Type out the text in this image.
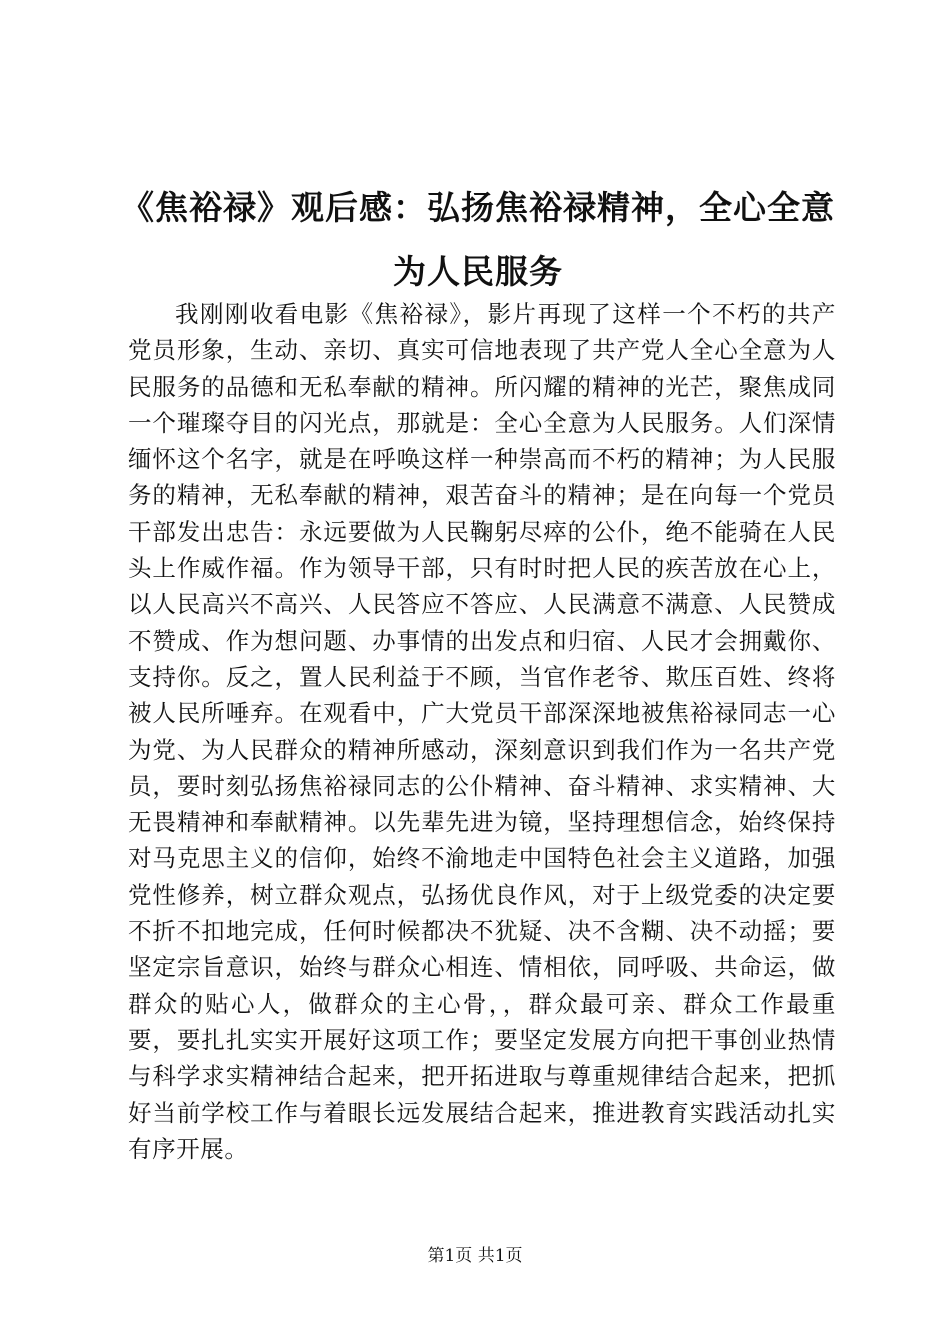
《焦裕禄》观后感：弘扬焦裕禄精神，全心全意为人民服务

我刚刚收看电影《焦裕禄》，影片再现了这样一个不朽的共产党员形象，生动、亲切、真实可信地表现了共产党人全心全意为人民服务的品德和无私奉献的精神。所闪耀的精神的光芒，聚焦成同一个璀璨夺目的闪光点，那就是：全心全意为人民服务。人们深情缅怀这个名字，就是在呼唤这样一种崇高而不朽的精神；为人民服务的精神，无私奉献的精神，艰苦奋斗的精神；是在向每一个党员干部发出忠告：永远要做为人民鞠躬尽瘁的公仆，绝不能骑在人民头上作威作福。作为领导干部，只有时时把人民的疾苦放在心上，以人民高兴不高兴、人民答应不答应、人民满意不满意、人民赞成不赞成、作为想问题、办事情的出发点和归宿、人民才会拥戴你、支持你。反之，置人民利益于不顾，当官作老爷、欺压百姓、终将被人民所唾弃。在观看中，广大党员干部深深地被焦裕禄同志一心为党、为人民群众的精神所感动，深刻意识到我们作为一名共产党员，要时刻弘扬焦裕禄同志的公仆精神、奋斗精神、求实精神、大无畏精神和奉献精神。以先辈先进为镜，坚持理想信念，始终保持对马克思主义的信仰，始终不渝地走中国特色社会主义道路，加强党性修养，树立群众观点，弘扬优良作风，对于上级党委的决定要不折不扣地完成，任何时候都决不犹疑、决不含糊、决不动摇；要坚定宗旨意识，始终与群众心相连、情相依，同呼吸、共命运，做群众的贴心人，做群众的主心骨，，群众最可亲、群众工作最重要，要扎扎实实开展好这项工作；要坚定发展方向把干事创业热情与科学求实精神结合起来，把开拓进取与尊重规律结合起来，把抓好当前学校工作与着眼长远发展结合起来，推进教育实践活动扎实有序开展。

第1页 共1页
